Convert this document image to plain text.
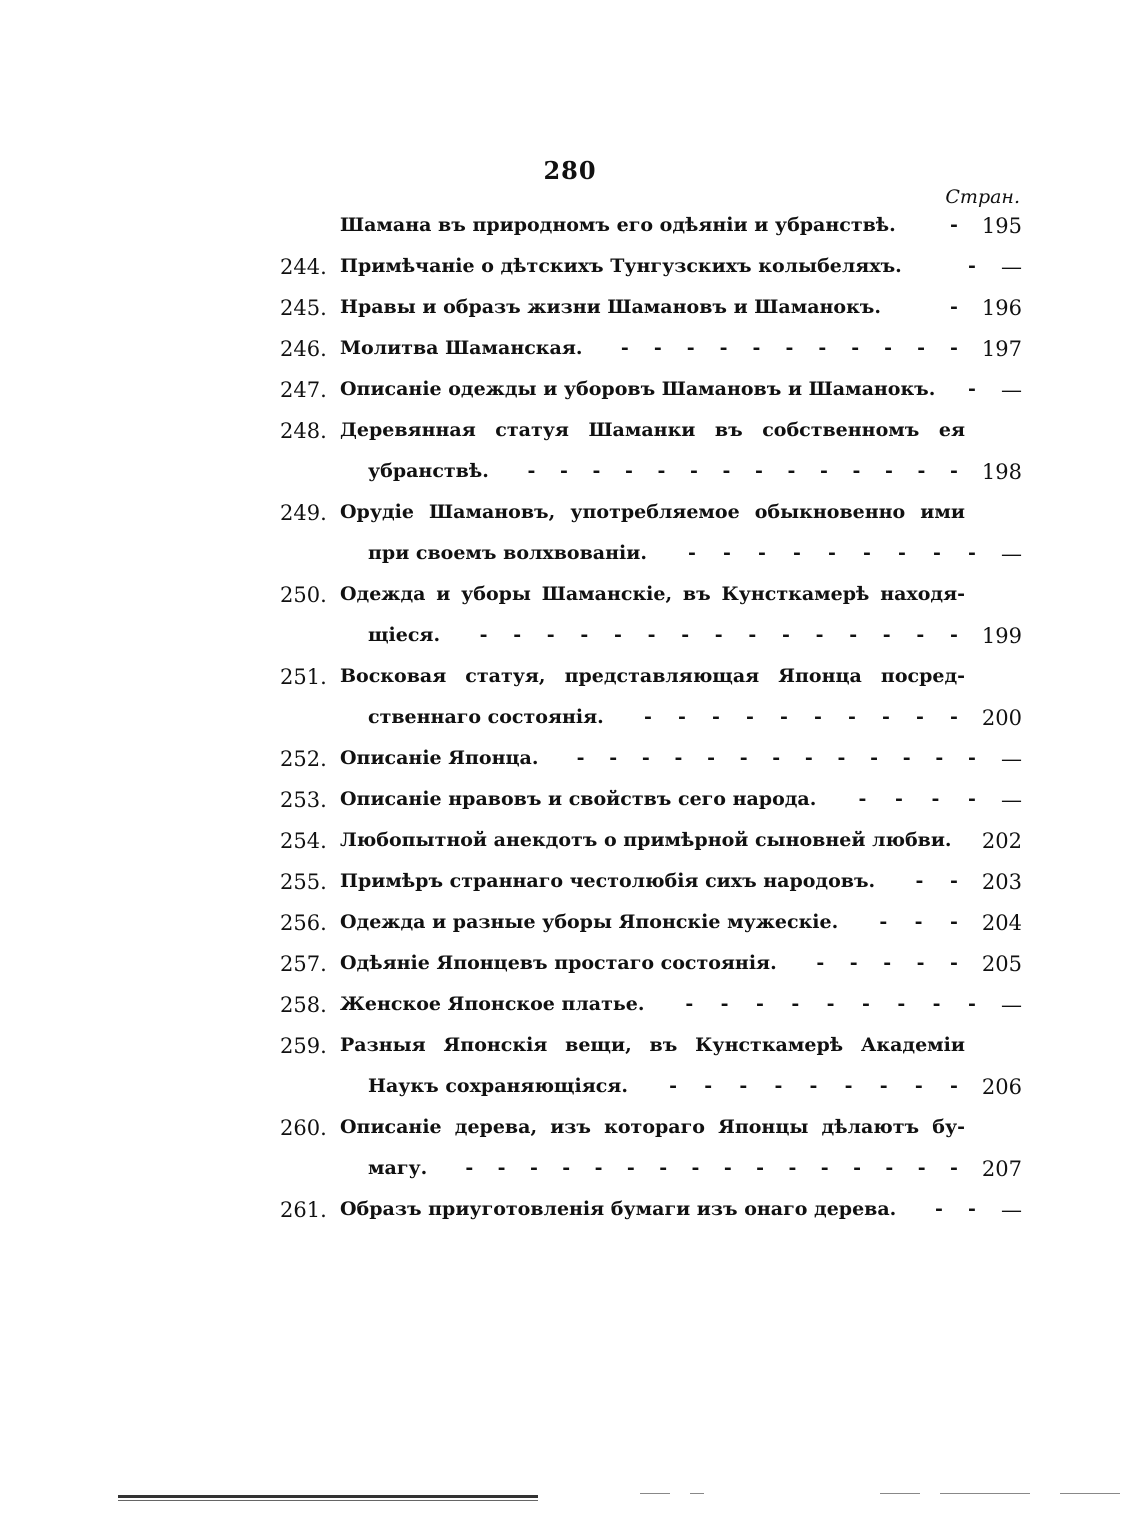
280
Стран.
Шамана въ природномъ его одѣяніи и убранствѣ.	-	195
244. Примѣчаніе о дѣтскихъ Тунгузскихъ колыбеляхъ.	-	—
245. Нравы и образъ жизни Шамановъ и Шаманокъ.	-	196
246. Молитва Шаманская. - - - - - - - - - - -	197
247. Описаніе одежды и уборовъ Шамановъ и Шаманокъ. -	—
248. Деревянная статуя Шаманки въ собственномъ ея
убранствѣ. - - - - - - - - - - - - - -	198
249. Орудіе Шамановъ, употребляемое обыкновенно ими
при своемъ волхвованіи. - - - - - - - - -	—
250. Одежда и уборы Шаманскіе, въ Кунсткамерѣ находя-
щіеся. - - - - - - - - - - - - - - -	199
251. Восковая статуя, представляющая Японца посред-
ственнаго состоянія. - - - - - - - - - -	200
252. Описаніе Японца. - - - - - - - - - - - - -	—
253. Описаніе нравовъ и свойствъ сего народа. - - - -	—
254. Любопытной анекдотъ о примѣрной сыновней любви.	202
255. Примѣръ страннаго честолюбія сихъ народовъ. - -	203
256. Одежда и разные уборы Японскіе мужескіе. - - -	204
257. Одѣяніе Японцевъ простаго состоянія. - - - - -	205
258. Женское Японское платье. - - - - - - - - -	—
259. Разныя Японскія вещи, въ Кунсткамерѣ Академіи
Наукъ сохраняющіяся. - - - - - - - - -	206
260. Описаніе дерева, изъ котораго Японцы дѣлаютъ бу-
магу. - - - - - - - - - - - - - - - -	207
261. Образъ приуготовленія бумаги изъ онаго дерева. - -	—
